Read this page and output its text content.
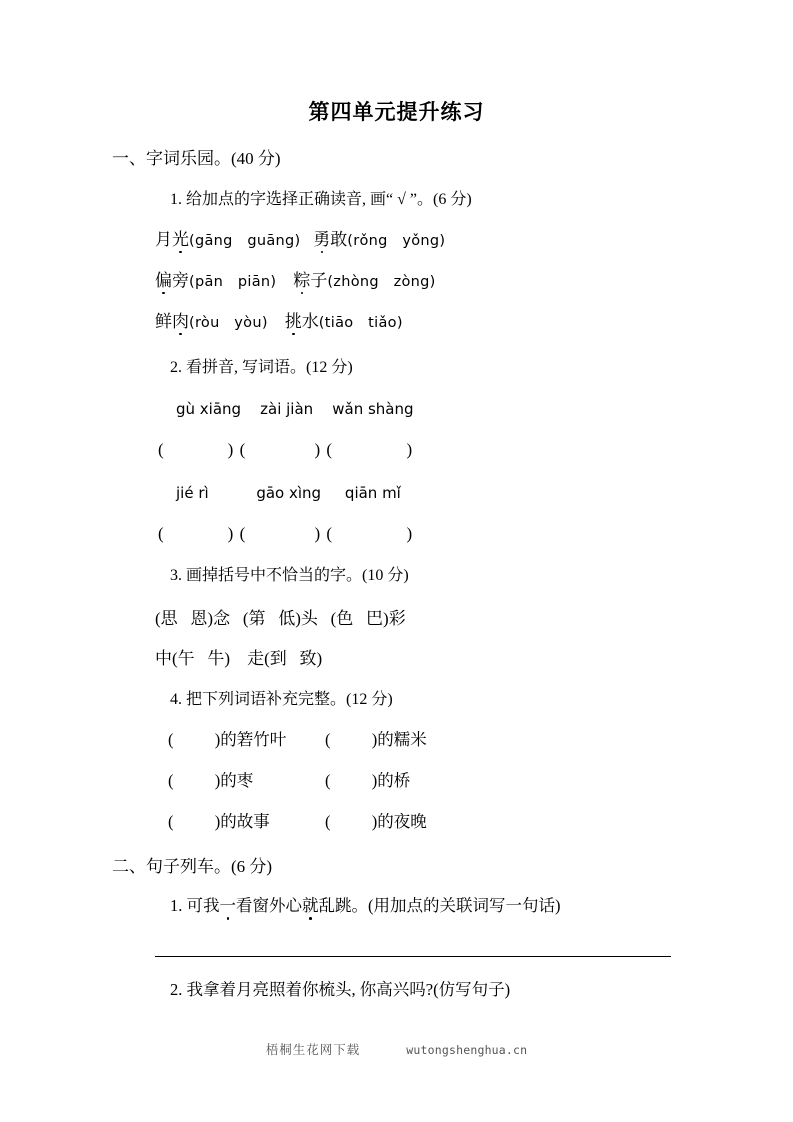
第四单元提升练习
一、字词乐园。(40 分)
1. 给加点的字选择正确读音, 画“ √ ”。(6 分)
月光(gāng   guāng) 勇敢(rǒng   yǒng)
偏旁(pān   piān) 粽子(zhòng   zòng)
鲜肉(ròu   yòu) 挑水(tiāo   tiǎo)
2. 看拼音, 写词语。(12 分)
gù xiāng    zài jiàn    wǎn shàng
(            ) (             ) (              )
jié rì          gāo xìng     qiān mǐ
(            ) (             ) (              )
3. 画掉括号中不恰当的字。(10 分)
(思   恩)念   (第   低)头   (色   巴)彩
中(午   牛)    走(到   致)
4. 把下列词语补充完整。(12 分)
(          )的箬竹叶 (          )的糯米
(          )的枣	(          )的桥
(          )的故事	(          )的夜晚
二、句子列车。(6 分)
1. 可我一看窗外心就乱跳。(用加点的关联词写一句话)
2. 我拿着月亮照着你梳头, 你高兴吗?(仿写句子)
梧桐生花网下载	wutongshenghua.cn
